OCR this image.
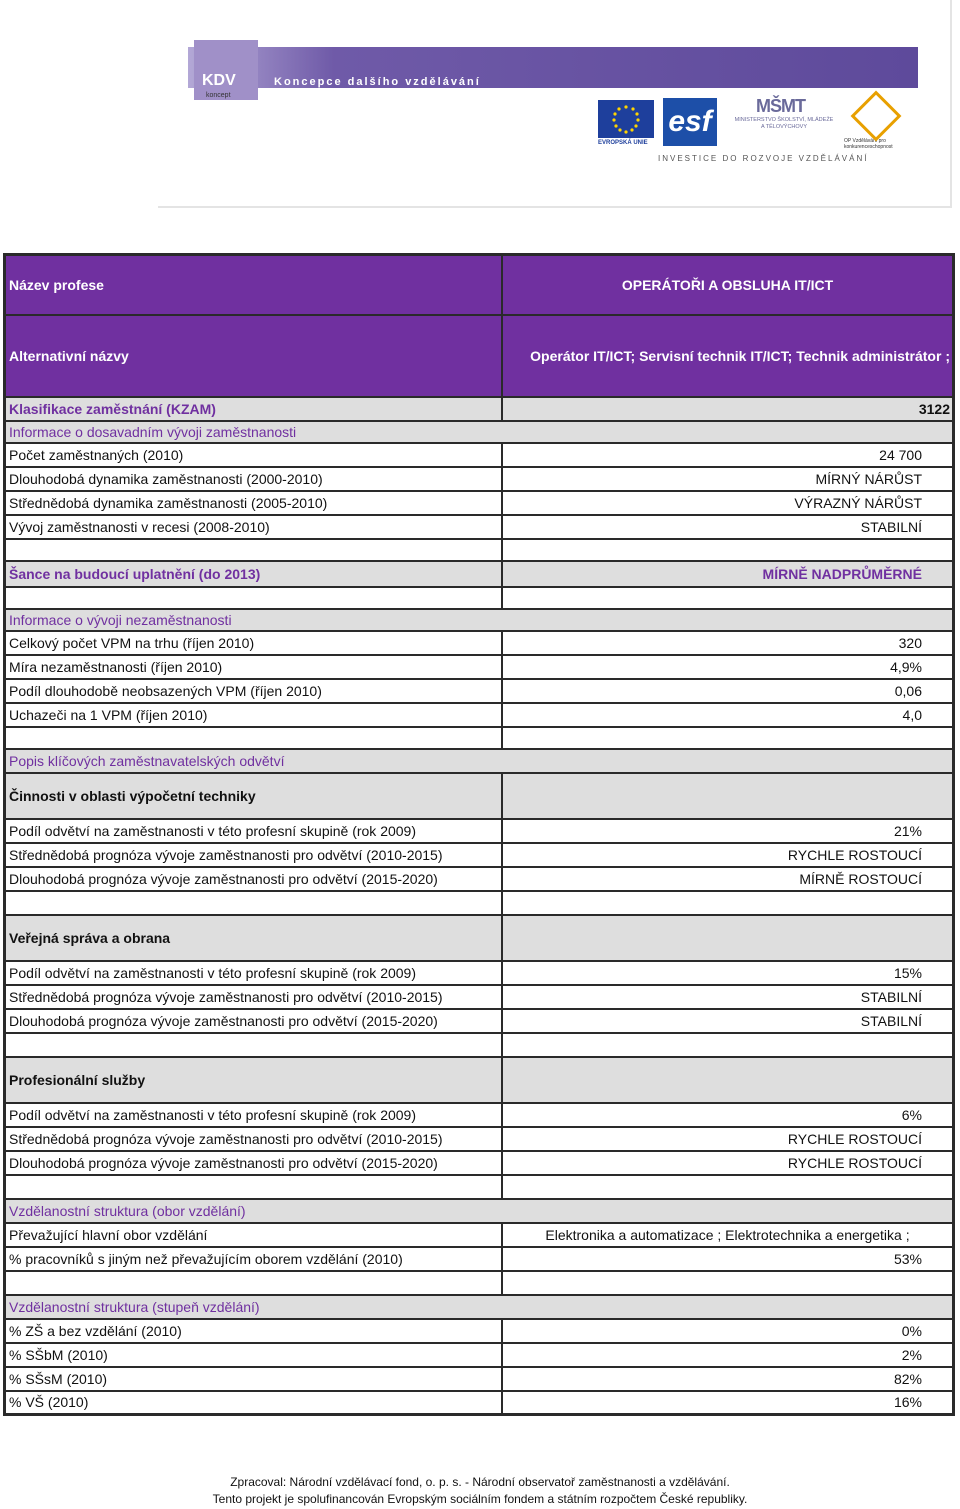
KDV
koncept
Koncepce dalšího vzdělávání
EVROPSKÁ UNIE
esf	MŠMT
MINISTERSTVO ŠKOLSTVÍ, MLÁDEŽE A TĚLOVÝCHOVY
OP Vzdělávání pro konkurenceschopnost
INVESTICE DO ROZVOJE VZDĚLÁVÁNÍ
Název profese	OPERÁTOŘI A OBSLUHA IT/ICT
Alternativní názvy	Operátor IT/ICT; Servisní technik IT/ICT; Technik administrátor ;
Klasifikace zaměstnání (KZAM)	3122
Informace o dosavadním vývoji zaměstnanosti	
Počet zaměstnaných (2010)	24 700
Dlouhodobá dynamika zaměstnanosti (2000-2010)	MÍRNÝ NÁRŮST
Střednědobá dynamika zaměstnanosti (2005-2010)	VÝRAZNÝ NÁRŮST
Vývoj zaměstnanosti v recesi (2008-2010)	STABILNÍ

Šance na budoucí uplatnění (do 2013)	MÍRNĚ NADPRŮMĚRNÉ

Informace o vývoji nezaměstnanosti	
Celkový počet VPM na trhu (říjen 2010)	320
Míra nezaměstnanosti (říjen 2010)	4,9%
Podíl dlouhodobě neobsazených VPM (říjen 2010)	0,06
Uchazeči na 1 VPM (říjen 2010)	4,0

Popis klíčových zaměstnavatelských odvětví	
Činnosti v oblasti výpočetní techniky	
Podíl odvětví na zaměstnanosti v této profesní skupině (rok 2009)	21%
Střednědobá prognóza vývoje zaměstnanosti pro odvětví (2010-2015)	RYCHLE ROSTOUCÍ
Dlouhodobá prognóza vývoje zaměstnanosti pro odvětví (2015-2020)	MÍRNĚ ROSTOUCÍ

Veřejná správa a obrana	
Podíl odvětví na zaměstnanosti v této profesní skupině (rok 2009)	15%
Střednědobá prognóza vývoje zaměstnanosti pro odvětví (2010-2015)	STABILNÍ
Dlouhodobá prognóza vývoje zaměstnanosti pro odvětví (2015-2020)	STABILNÍ

Profesionální služby	
Podíl odvětví na zaměstnanosti v této profesní skupině (rok 2009)	6%
Střednědobá prognóza vývoje zaměstnanosti pro odvětví (2010-2015)	RYCHLE ROSTOUCÍ
Dlouhodobá prognóza vývoje zaměstnanosti pro odvětví (2015-2020)	RYCHLE ROSTOUCÍ

Vzdělanostní struktura (obor vzdělání)	
Převažující hlavní obor vzdělání	Elektronika a automatizace ; Elektrotechnika a energetika ;
% pracovníků s jiným než převažujícím oborem vzdělání (2010)	53%

Vzdělanostní struktura (stupeň vzdělání)	
% ZŠ a bez vzdělání (2010)	0%
% SŠbM (2010)	2%
% SŠsM (2010)	82%
% VŠ (2010)	16%
Zpracoval: Národní vzdělávací fond, o. p. s. - Národní observatoř zaměstnanosti a vzdělávání.
Tento projekt je spolufinancován Evropským sociálním fondem a státním rozpočtem České republiky.
